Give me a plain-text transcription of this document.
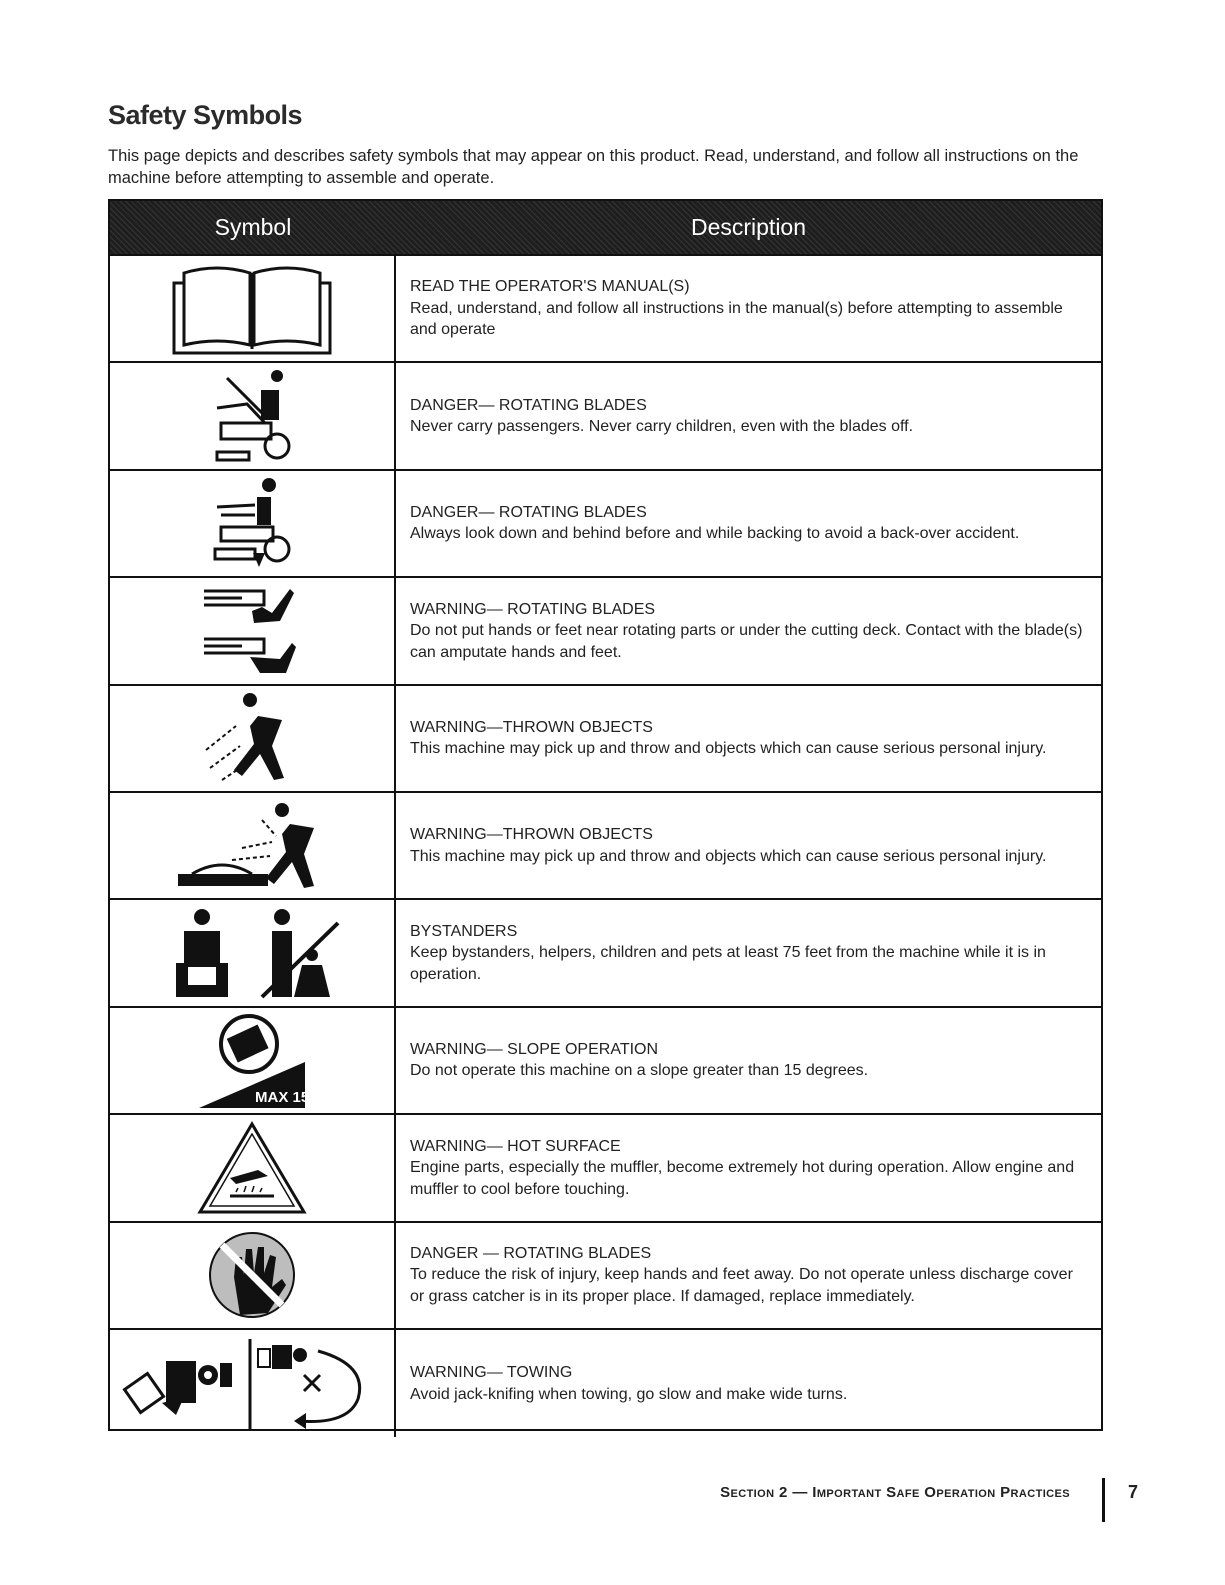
Safety Symbols
This page depicts and describes safety symbols that may appear on this product. Read, understand, and follow all instructions on the machine before attempting to assemble and operate.
Symbol	Description
READ THE OPERATOR'S MANUAL(S)
Read, understand, and follow all instructions in the manual(s) before attempting to assemble and operate
DANGER— ROTATING BLADES
Never carry passengers. Never carry children, even with the blades off.
DANGER— ROTATING BLADES
Always look down and behind before and while backing to avoid a back-over accident.
WARNING— ROTATING BLADES
Do not put hands or feet near rotating parts or under the cutting deck. Contact with the blade(s) can amputate hands and feet.
WARNING—THROWN OBJECTS
This machine may pick up and throw and objects which can cause serious personal injury.
WARNING—THROWN OBJECTS
This machine may pick up and throw and objects which can cause serious personal injury.
BYSTANDERS
Keep bystanders, helpers, children and pets at least 75 feet from the machine while it is in operation.
MAX 15°
WARNING— SLOPE OPERATION
Do not operate this machine on a slope greater than 15 degrees.
WARNING— HOT SURFACE
Engine parts, especially the muffler, become extremely hot during operation. Allow engine and muffler to cool before touching.
DANGER — ROTATING BLADES
To reduce the risk of injury, keep hands and feet away. Do not operate unless discharge cover or grass catcher is in its proper place. If damaged, replace immediately.
WARNING— TOWING
Avoid jack-knifing when towing, go slow and make wide turns.
Section 2 — Important Safe Operation Practices	7
